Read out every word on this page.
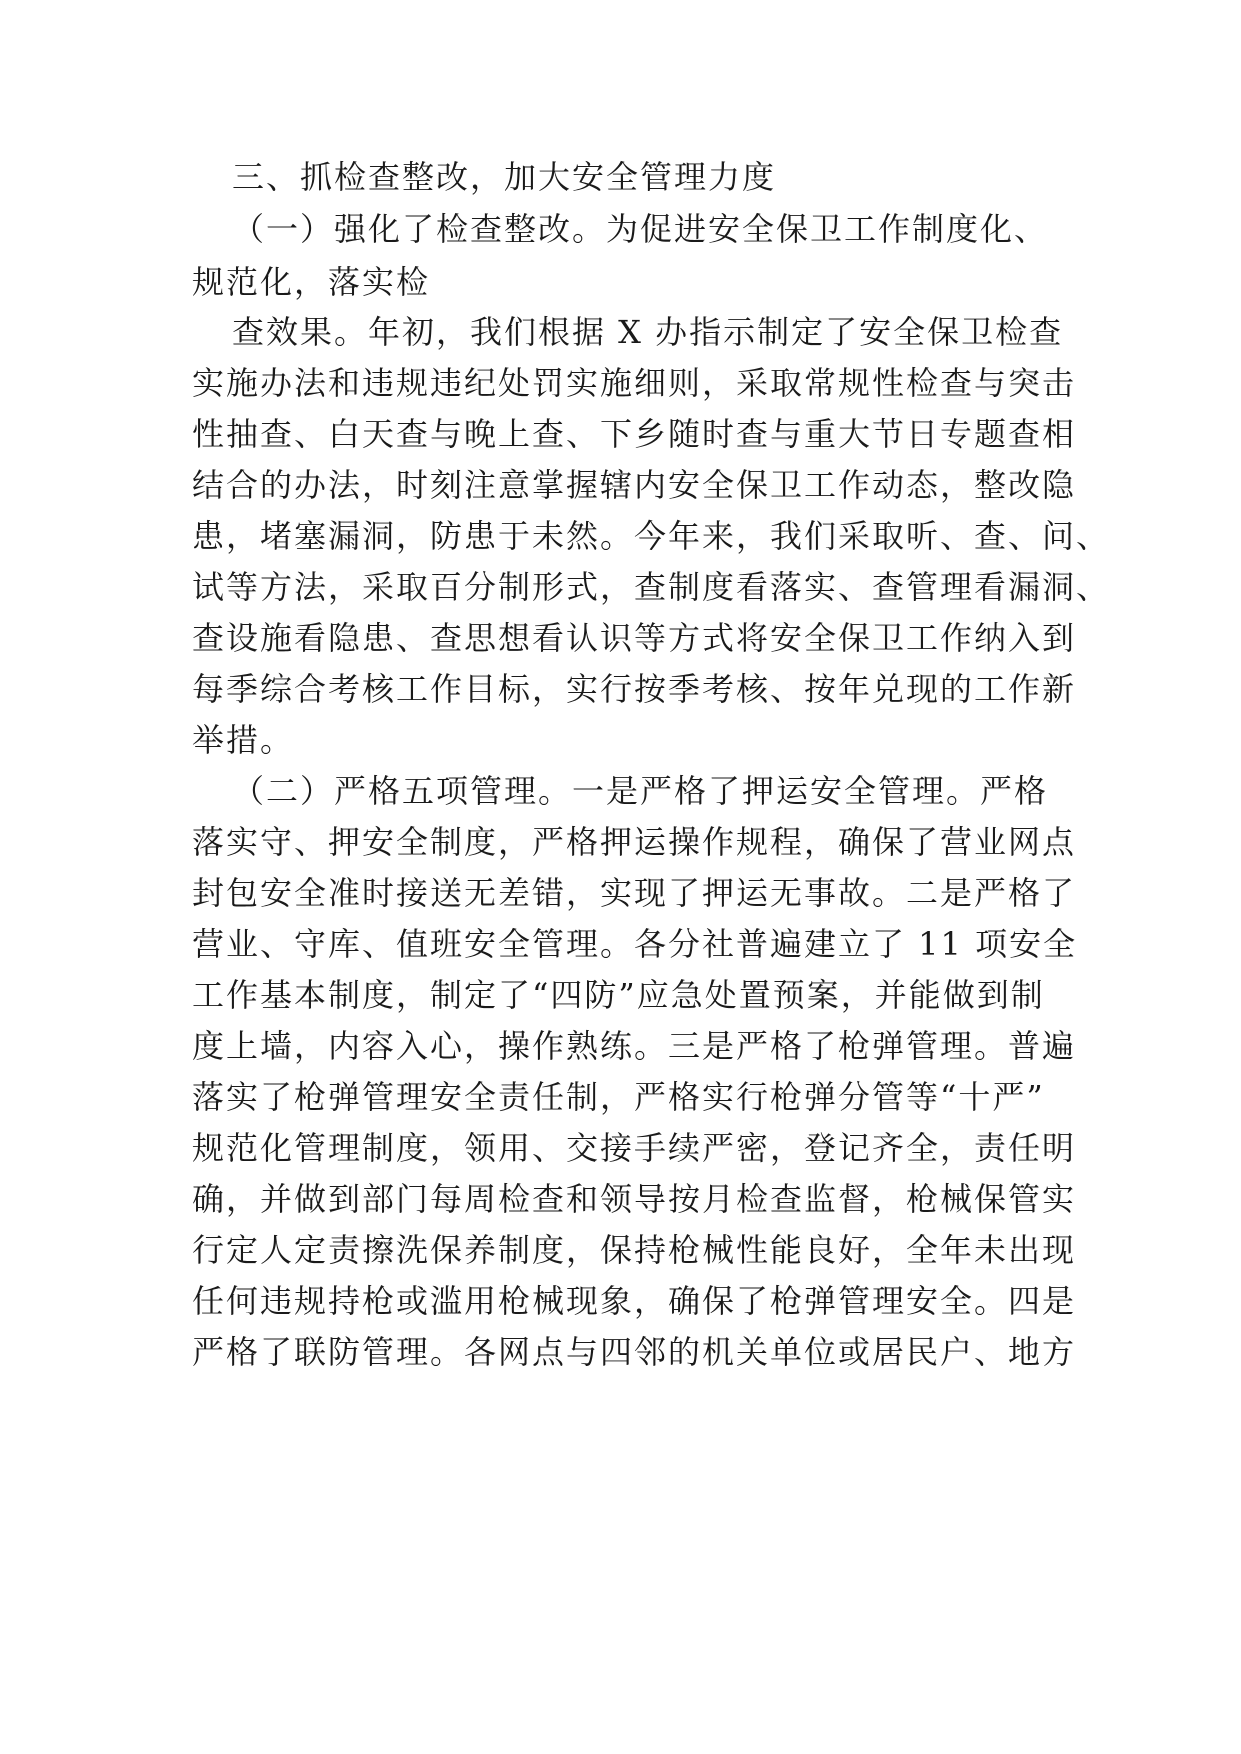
三、抓检查整改，加大安全管理力度
（一）强化了检查整改。为促进安全保卫工作制度化、
规范化，落实检
查效果。年初，我们根据 X 办指示制定了安全保卫检查
实施办法和违规违纪处罚实施细则，采取常规性检查与突击
性抽查、白天查与晚上查、下乡随时查与重大节日专题查相
结合的办法，时刻注意掌握辖内安全保卫工作动态，整改隐
患，堵塞漏洞，防患于未然。今年来，我们采取听、查、问、
试等方法，采取百分制形式，查制度看落实、查管理看漏洞、
查设施看隐患、查思想看认识等方式将安全保卫工作纳入到
每季综合考核工作目标，实行按季考核、按年兑现的工作新
举措。
（二）严格五项管理。一是严格了押运安全管理。严格
落实守、押安全制度，严格押运操作规程，确保了营业网点
封包安全准时接送无差错，实现了押运无事故。二是严格了
营业、守库、值班安全管理。各分社普遍建立了 11 项安全
工作基本制度，制定了“四防”应急处置预案，并能做到制
度上墙，内容入心，操作熟练。三是严格了枪弹管理。普遍
落实了枪弹管理安全责任制，严格实行枪弹分管等“十严”
规范化管理制度，领用、交接手续严密，登记齐全，责任明
确，并做到部门每周检查和领导按月检查监督，枪械保管实
行定人定责擦洗保养制度，保持枪械性能良好，全年未出现
任何违规持枪或滥用枪械现象，确保了枪弹管理安全。四是
严格了联防管理。各网点与四邻的机关单位或居民户、地方
